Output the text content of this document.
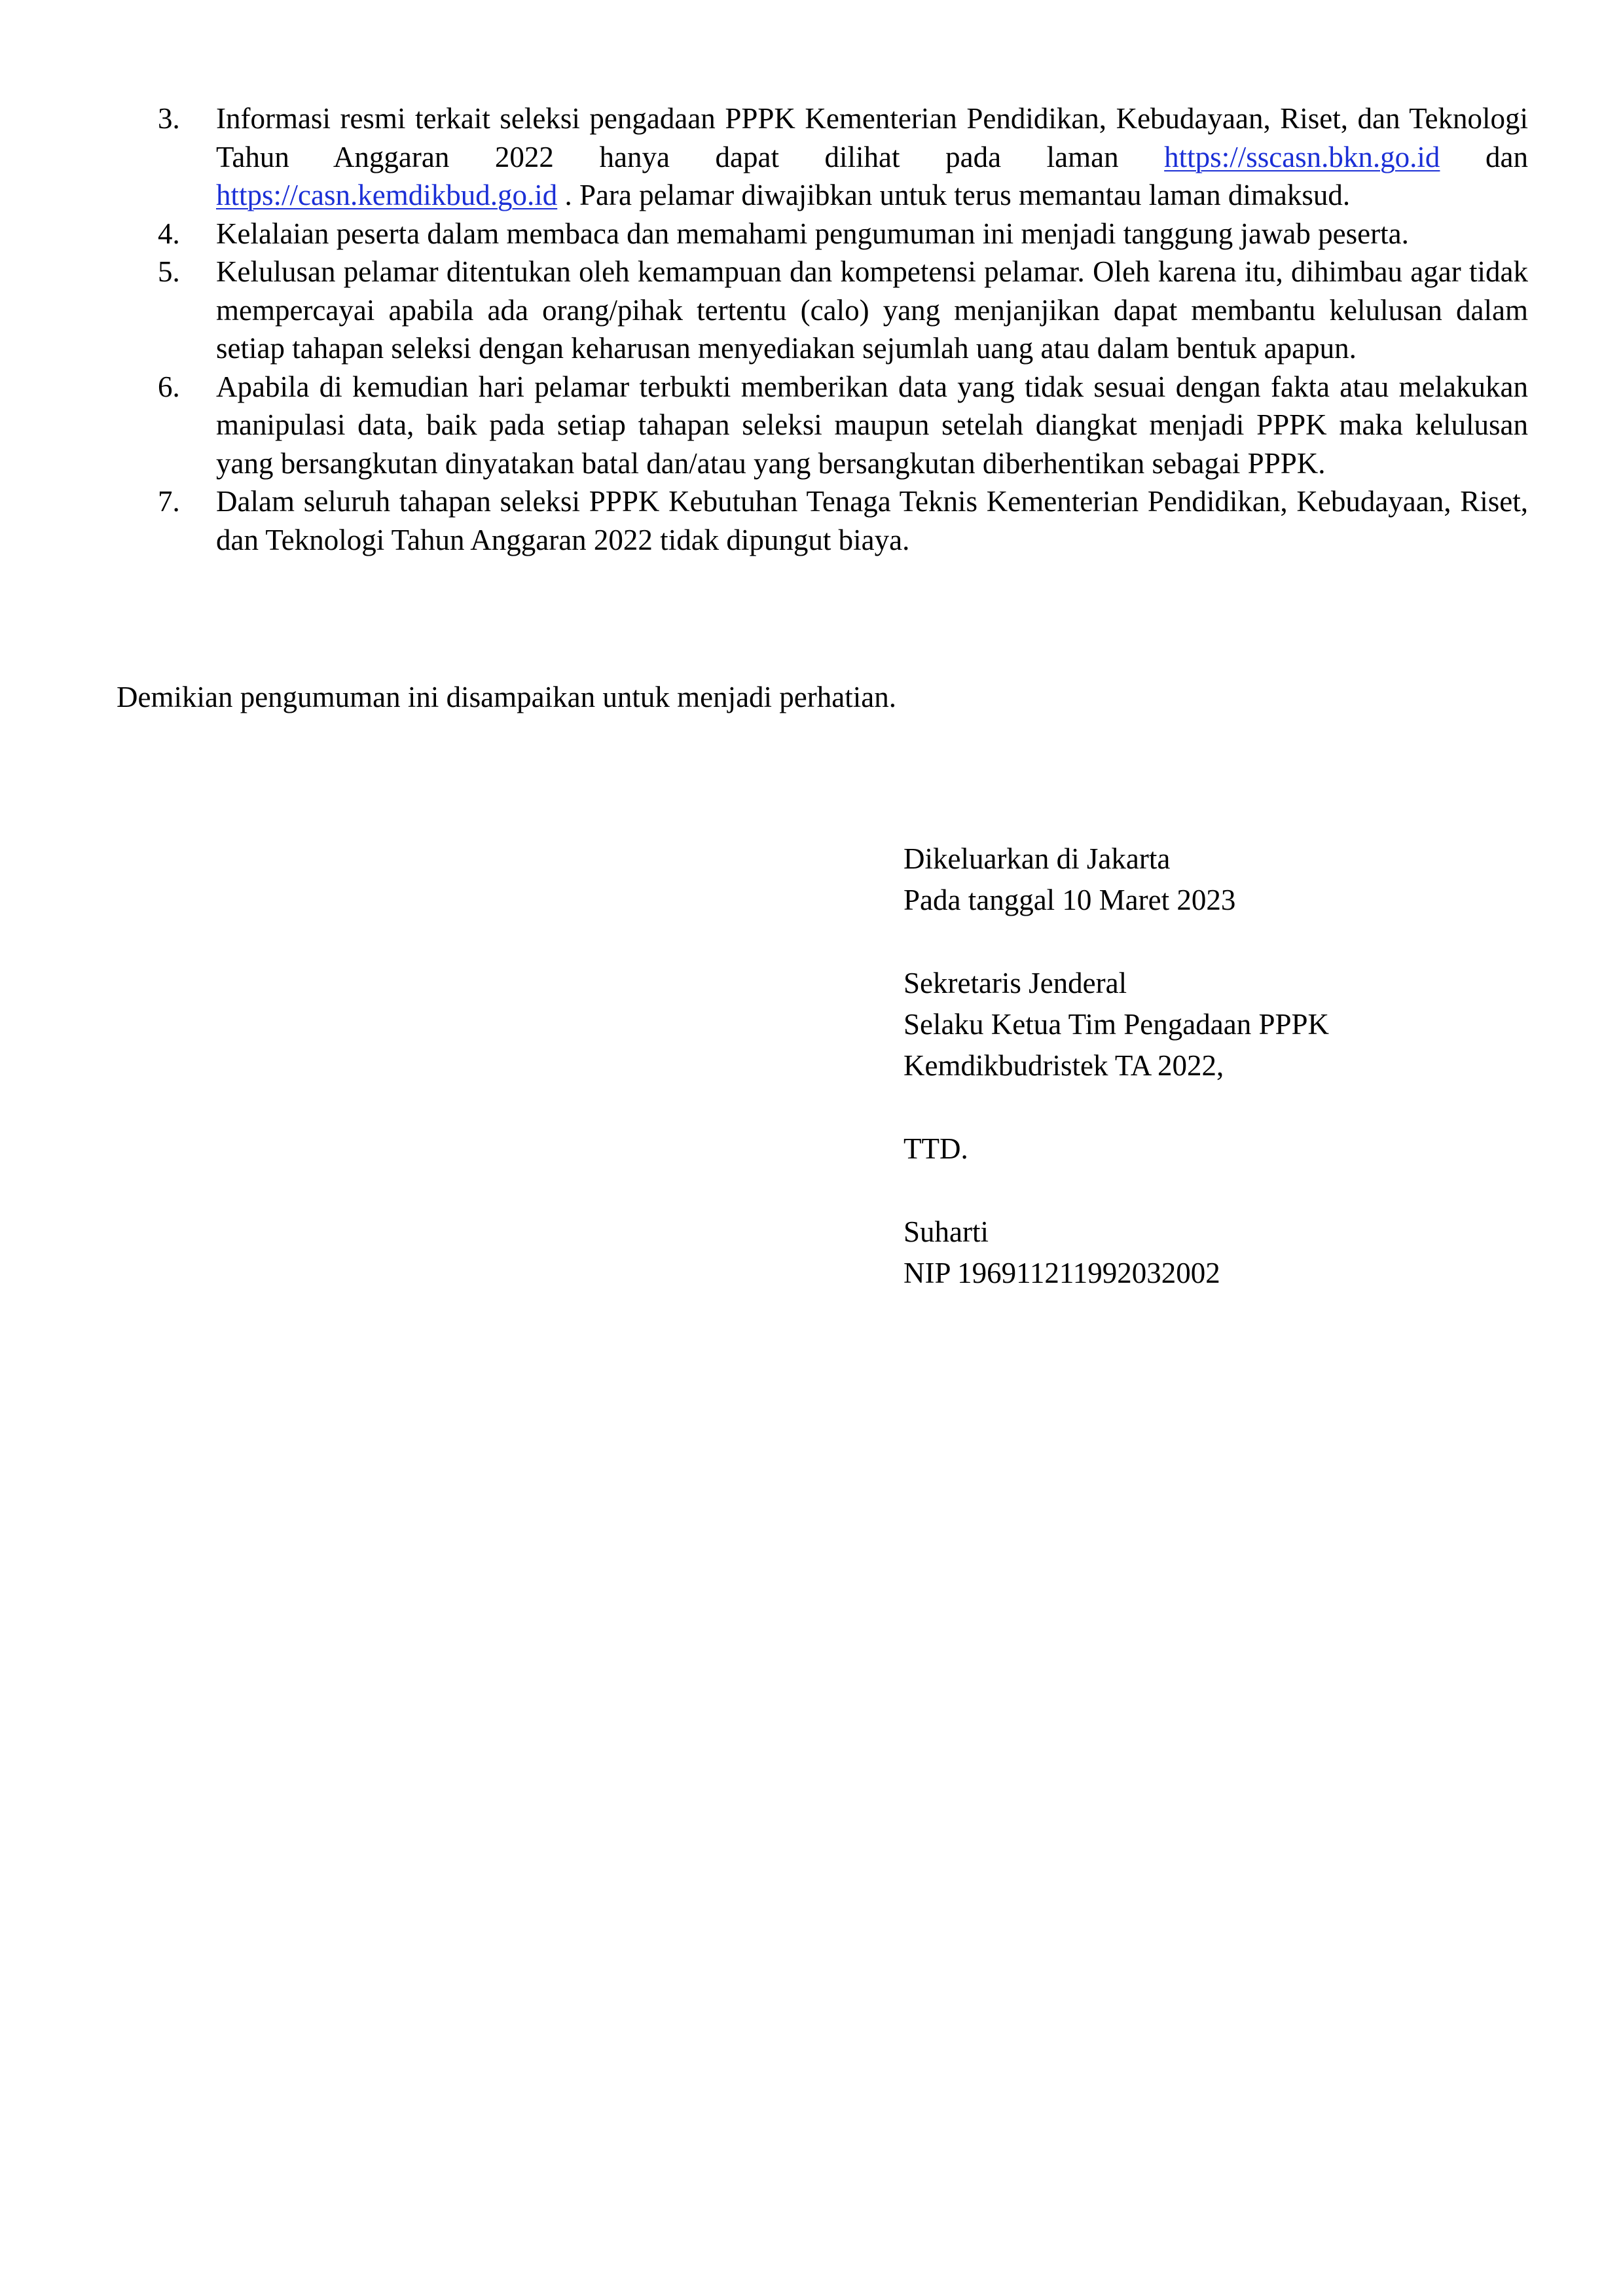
3. Informasi resmi terkait seleksi pengadaan PPPK Kementerian Pendidikan, Kebudayaan, Riset, dan Teknologi Tahun Anggaran 2022 hanya dapat dilihat pada laman https://sscasn.bkn.go.id dan https://casn.kemdikbud.go.id . Para pelamar diwajibkan untuk terus memantau laman dimaksud.
4. Kelalaian peserta dalam membaca dan memahami pengumuman ini menjadi tanggung jawab peserta.
5. Kelulusan pelamar ditentukan oleh kemampuan dan kompetensi pelamar. Oleh karena itu, dihimbau agar tidak mempercayai apabila ada orang/pihak tertentu (calo) yang menjanjikan dapat membantu kelulusan dalam setiap tahapan seleksi dengan keharusan menyediakan sejumlah uang atau dalam bentuk apapun.
6. Apabila di kemudian hari pelamar terbukti memberikan data yang tidak sesuai dengan fakta atau melakukan manipulasi data, baik pada setiap tahapan seleksi maupun setelah diangkat menjadi PPPK maka kelulusan yang bersangkutan dinyatakan batal dan/atau yang bersangkutan diberhentikan sebagai PPPK.
7. Dalam seluruh tahapan seleksi PPPK Kebutuhan Tenaga Teknis Kementerian Pendidikan, Kebudayaan, Riset, dan Teknologi Tahun Anggaran 2022 tidak dipungut biaya.

Demikian pengumuman ini disampaikan untuk menjadi perhatian.

Dikeluarkan di Jakarta
Pada tanggal 10 Maret 2023
Sekretaris Jenderal
Selaku Ketua Tim Pengadaan PPPK
Kemdikbudristek TA 2022,
TTD.
Suharti
NIP 196911211992032002
